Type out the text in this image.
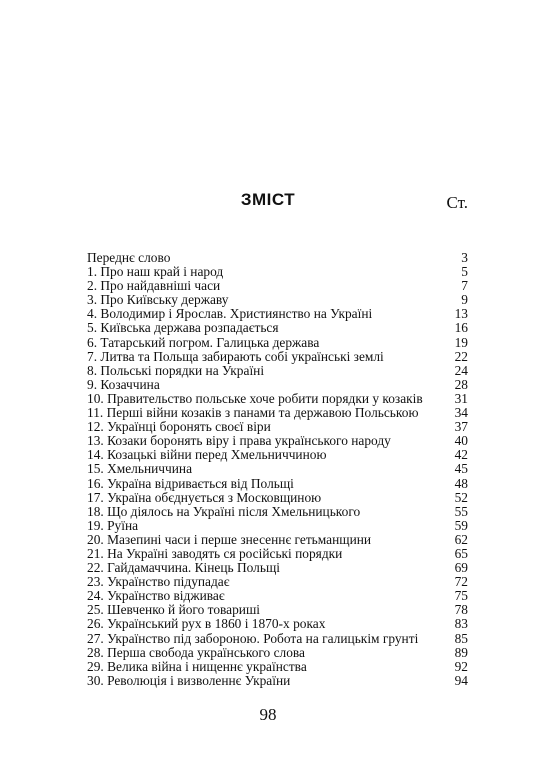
ЗМІСТ	Ст.
Переднє слово	3
1. Про наш край і народ	5
2. Про найдавніші часи	7
3. Про Київську державу	9
4. Володимир і Ярослав. Християнство на Україні	13
5. Київська держава розпадається	16
6. Татарський погром. Галицька держава	19
7. Литва та Польща забирають собі українські землі	22
8. Польські порядки на Україні	24
9. Козаччина	28
10. Правительство польське хоче робити порядки у козаків	31
11. Перші війни козаків з панами та державою Польською	34
12. Українці боронять своєї віри	37
13. Козаки боронять віру і права українського народу	40
14. Козацькі війни перед Хмельниччиною	42
15. Хмельниччина	45
16. Україна відривається від Польщі	48
17. Україна обєднується з Московщиною	52
18. Що діялось на Україні після Хмельницького	55
19. Руїна	59
20. Мазепині часи і перше знесеннє гетьманщини	62
21. На Україні заводять ся російські порядки	65
22. Гайдамаччина. Кінець Польщі	69
23. Українство підупадає	72
24. Українство відживає	75
25. Шевченко й його товариші	78
26. Український рух в 1860 і 1870-х роках	83
27. Українство під забороною. Робота на галицькім грунті	85
28. Перша свобода українського слова	89
29. Велика війна і нищеннє українства	92
30. Революція і визволеннє України	94
98
